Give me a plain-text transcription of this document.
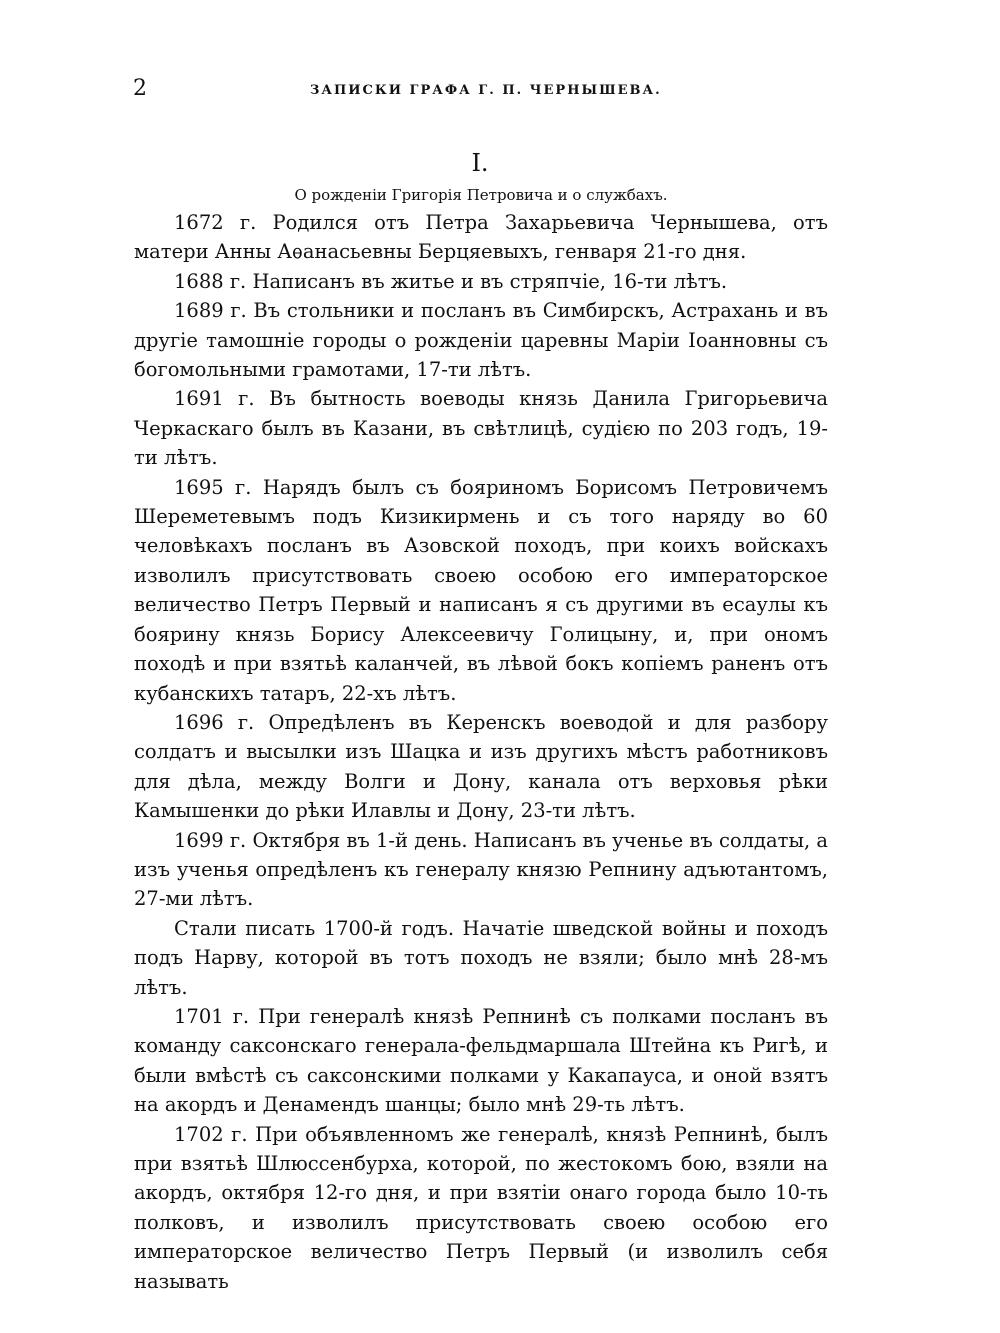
2	ЗАПИСКИ ГРАФА Г. П. ЧЕРНЫШЕВА.
I.
О рожденіи Григорія Петровича и о службахъ.

1672 г. Родился отъ Петра Захарьевича Чернышева, отъ матери Анны Аѳанасьевны Берцяевыхъ, генваря 21-го дня.

1688 г. Написанъ въ житье и въ стряпчіе, 16-ти лѣтъ.

1689 г. Въ стольники и посланъ въ Симбирскъ, Астрахань и въ другіе тамошніе городы о рожденіи царевны Маріи Іоанновны съ богомольными грамотами, 17-ти лѣтъ.

1691 г. Въ бытность воеводы князь Данила Григорьевича Черкаскаго былъ въ Казани, въ свѣтлицѣ, судією по 203 годъ, 19-ти лѣтъ.

1695 г. Нарядъ былъ съ бояриномъ Борисомъ Петровичемъ Шереметевымъ подъ Кизикирмень и съ того наряду во 60 человѣкахъ посланъ въ Азовской походъ, при коихъ войскахъ изволилъ присутствовать своею особою его императорское величество Петръ Первый и написанъ я съ другими въ есаулы къ боярину князь Борису Алексеевичу Голицыну, и, при ономъ походѣ и при взятьѣ каланчей, въ лѣвой бокъ копіемъ раненъ отъ кубанскихъ татаръ, 22-хъ лѣтъ.

1696 г. Опредѣленъ въ Керенскъ воеводой и для разбору солдатъ и высылки изъ Шацка и изъ другихъ мѣстъ работниковъ для дѣла, между Волги и Дону, канала отъ верховья рѣки Камышенки до рѣки Илавлы и Дону, 23-ти лѣтъ.

1699 г. Октября въ 1-й день. Написанъ въ ученье въ солдаты, а изъ ученья опредѣленъ къ генералу князю Репнину адъютантомъ, 27-ми лѣтъ.

Стали писать 1700-й годъ. Начатіе шведской войны и походъ подъ Нарву, которой въ тотъ походъ не взяли; было мнѣ 28-мъ лѣтъ.

1701 г. При генералѣ князѣ Репнинѣ съ полками посланъ въ команду саксонскаго генерала-фельдмаршала Штейна къ Ригѣ, и были вмѣстѣ съ саксонскими полками у Какапауса, и оной взятъ на акордъ и Денамендъ шанцы; было мнѣ 29-ть лѣтъ.

1702 г. При объявленномъ же генералѣ, князѣ Репнинѣ, былъ при взятьѣ Шлюссенбурха, которой, по жестокомъ бою, взяли на акордъ, октября 12-го дня, и при взятіи онаго города было 10-ть полковъ, и изволилъ присутствовать своею особою его императорское величество Петръ Первый (и изволилъ себя называть
